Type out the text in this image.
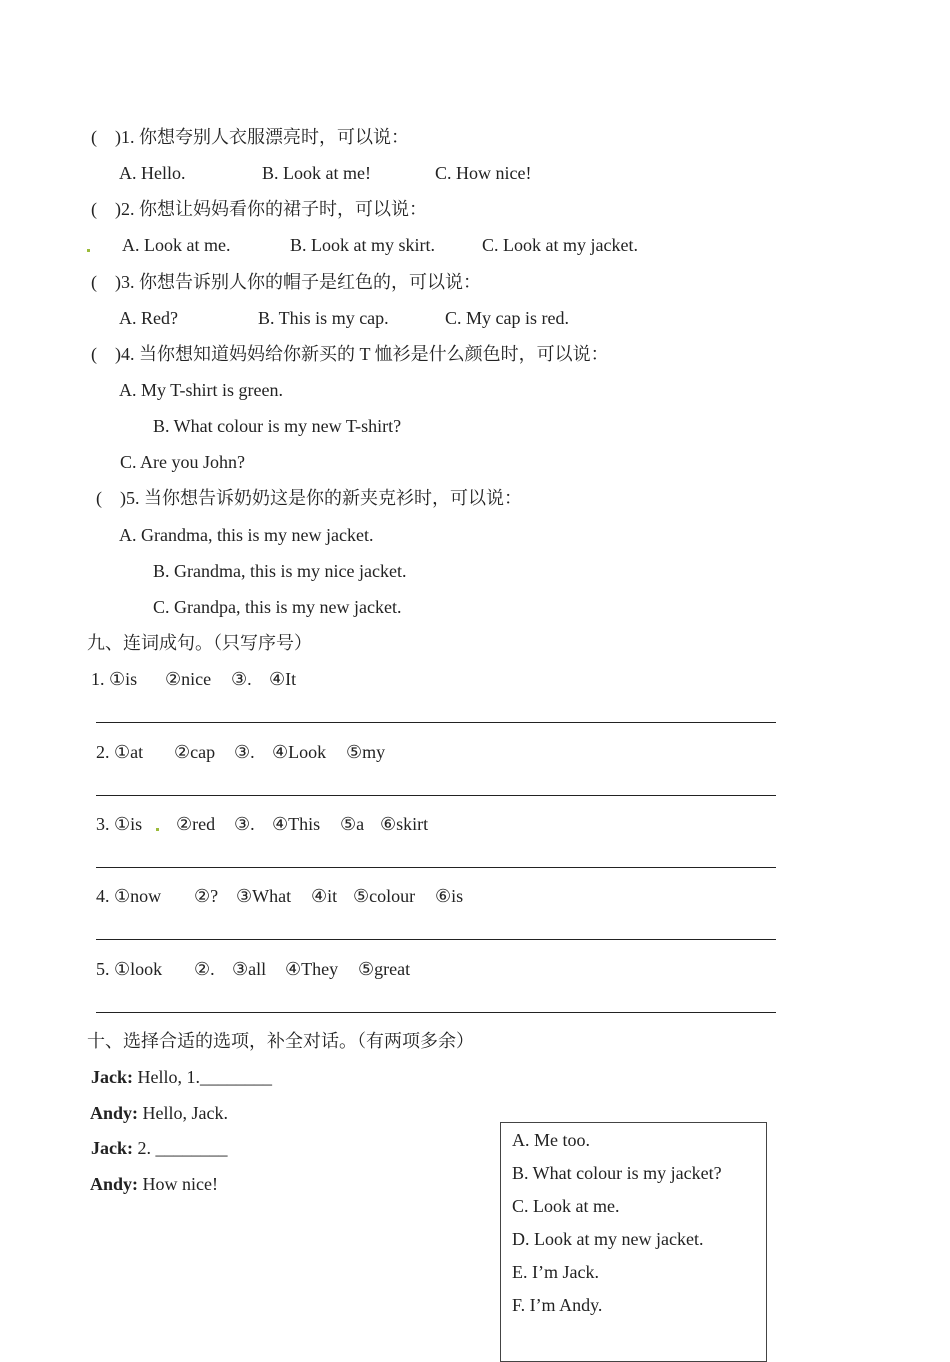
(    )1. 你想夸别人衣服漂亮时，可以说：
A. Hello.	B. Look at me!	C. How nice!
(    )2. 你想让妈妈看你的裙子时，可以说：
A. Look at me.	B. Look at my skirt.	C. Look at my jacket.
(    )3. 你想告诉别人你的帽子是红色的，可以说：
A. Red?	B. This is my cap.	C. My cap is red.
(    )4. 当你想知道妈妈给你新买的 T 恤衫是什么颜色时，可以说：
A. My T-shirt is green.
B. What colour is my new T-shirt?
C. Are you John?
(    )5. 当你想告诉奶奶这是你的新夹克衫时，可以说：
A. Grandma, this is my new jacket.
B. Grandma, this is my nice jacket.
C. Grandpa, this is my new jacket.
九、连词成句。（只写序号）
1. ①is ②nice ③. ④It
2. ①at ②cap ③. ④Look ⑤my
3. ①is ②red ③. ④This ⑤a ⑥skirt
4. ①now ②? ③What ④it ⑤colour ⑥is
5. ①look ②. ③all ④They ⑤great
十、选择合适的选项，补全对话。（有两项多余）
Jack: Hello, 1.________
Andy: Hello, Jack.
Jack: 2. ________
Andy: How nice!
A. Me too.
B. What colour is my jacket?
C. Look at me.
D. Look at my new jacket.
E. I’m Jack.
F. I’m Andy.
